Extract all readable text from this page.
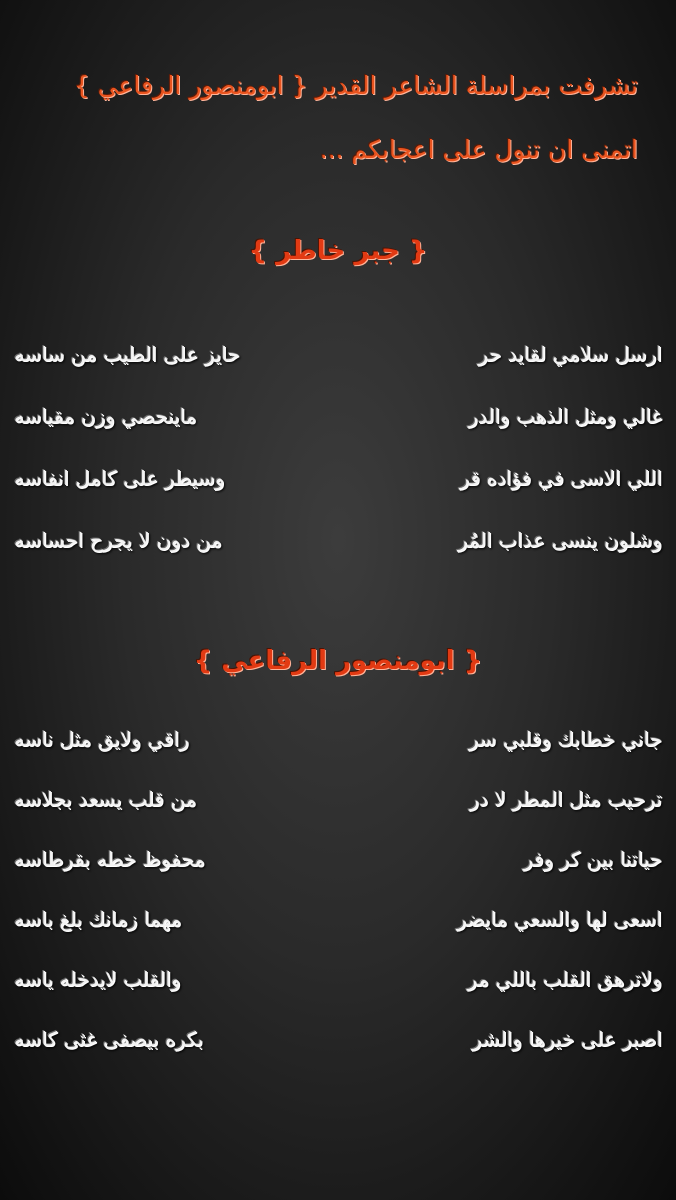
تشرفت بمراسلة الشاعر القدير { ابومنصور الرفاعي }
اتمنى ان تنول على اعجابكم ...
{ جبر خاطر }
ارسل سلامي لقايد حر
حايز على الطيب من ساسه
غالي ومثل الذهب والدر
ماينحصي وزن مقياسه
اللي الاسى في فؤاده قر
وسيطر على كامل انفاسه
وشلون ينسى عذاب المُر
من دون لا يجرح احساسه
{ ابومنصور الرفاعي }
جاني خطابك وقلبي سر
راقي ولايق مثل ناسه
ترحيب مثل المطر لا در
من قلب يسعد بجلاسه
حياتنا بين كر وفر
محفوظ خطه بقرطاسه
اسعى لها والسعي مايضر
مهما زمانك بلغ باسه
ولاترهق القلب باللي مر
والقلب لايدخله ياسه
اصبر على خيرها والشر
بكره بيصفى غثى كاسه
